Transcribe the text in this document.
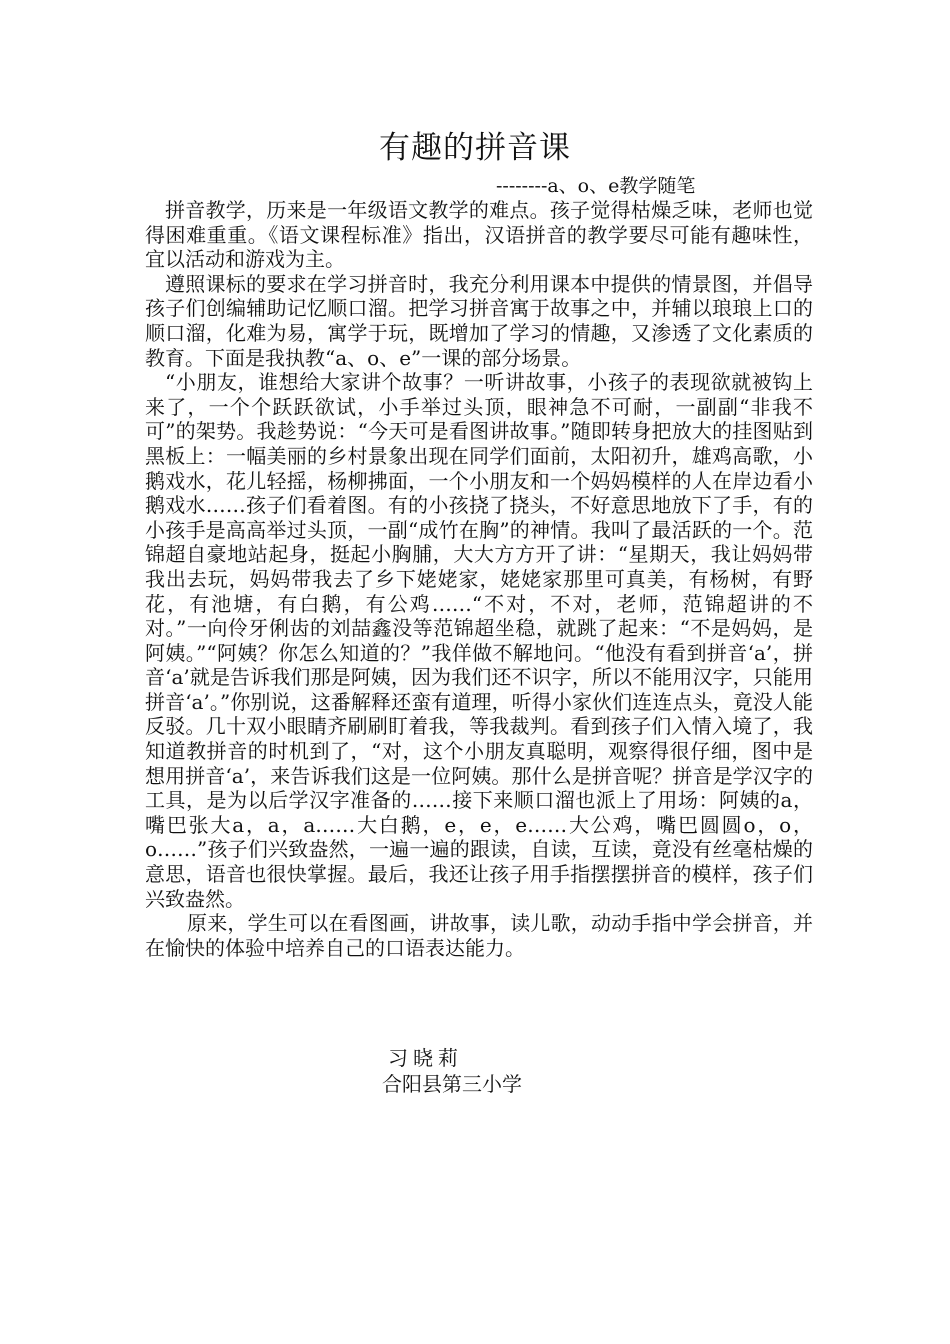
有趣的拼音课
--------a、o、e教学随笔

拼音教学，历来是一年级语文教学的难点。孩子觉得枯燥乏味，老师也觉得困难重重。《语文课程标准》指出，汉语拼音的教学要尽可能有趣味性，宜以活动和游戏为主。

遵照课标的要求在学习拼音时，我充分利用课本中提供的情景图，并倡导孩子们创编辅助记忆顺口溜。把学习拼音寓于故事之中，并辅以琅琅上口的顺口溜，化难为易，寓学于玩，既增加了学习的情趣，又渗透了文化素质的教育。下面是我执教“a、o、e”一课的部分场景。

“小朋友，谁想给大家讲个故事？一听讲故事，小孩子的表现欲就被钩上来了，一个个跃跃欲试，小手举过头顶，眼神急不可耐，一副副“非我不可”的架势。我趁势说：“今天可是看图讲故事。”随即转身把放大的挂图贴到黑板上：一幅美丽的乡村景象出现在同学们面前，太阳初升，雄鸡高歌，小鹅戏水，花儿轻摇，杨柳拂面，一个小朋友和一个妈妈模样的人在岸边看小鹅戏水……孩子们看着图。有的小孩挠了挠头，不好意思地放下了手，有的小孩手是高高举过头顶，一副“成竹在胸”的神情。我叫了最活跃的一个。范锦超自豪地站起身，挺起小胸脯，大大方方开了讲：“星期天，我让妈妈带我出去玩，妈妈带我去了乡下姥姥家，姥姥家那里可真美，有杨树，有野花，有池塘，有白鹅，有公鸡……“不对，不对，老师，范锦超讲的不对。”一向伶牙俐齿的刘喆鑫没等范锦超坐稳，就跳了起来：“不是妈妈，是阿姨。”“阿姨？你怎么知道的？”我佯做不解地问。“他没有看到拼音‘a’，拼音‘a’就是告诉我们那是阿姨，因为我们还不识字，所以不能用汉字，只能用拼音‘a’。”你别说，这番解释还蛮有道理，听得小家伙们连连点头，竟没人能反驳。几十双小眼睛齐刷刷盯着我，等我裁判。看到孩子们入情入境了，我知道教拼音的时机到了，“对，这个小朋友真聪明，观察得很仔细，图中是想用拼音‘a’，来告诉我们这是一位阿姨。那什么是拼音呢？拼音是学汉字的工具，是为以后学汉字准备的……接下来顺口溜也派上了用场：阿姨的a，嘴巴张大a，a，a……大白鹅，e，e，e……大公鸡，嘴巴圆圆o，o，o……”孩子们兴致盎然，一遍一遍的跟读，自读，互读，竟没有丝毫枯燥的意思，语音也很快掌握。最后，我还让孩子用手指摆摆拼音的模样，孩子们兴致盎然。

原来，学生可以在看图画，讲故事，读儿歌，动动手指中学会拼音，并在愉快的体验中培养自己的口语表达能力。

习晓莉
合阳县第三小学
